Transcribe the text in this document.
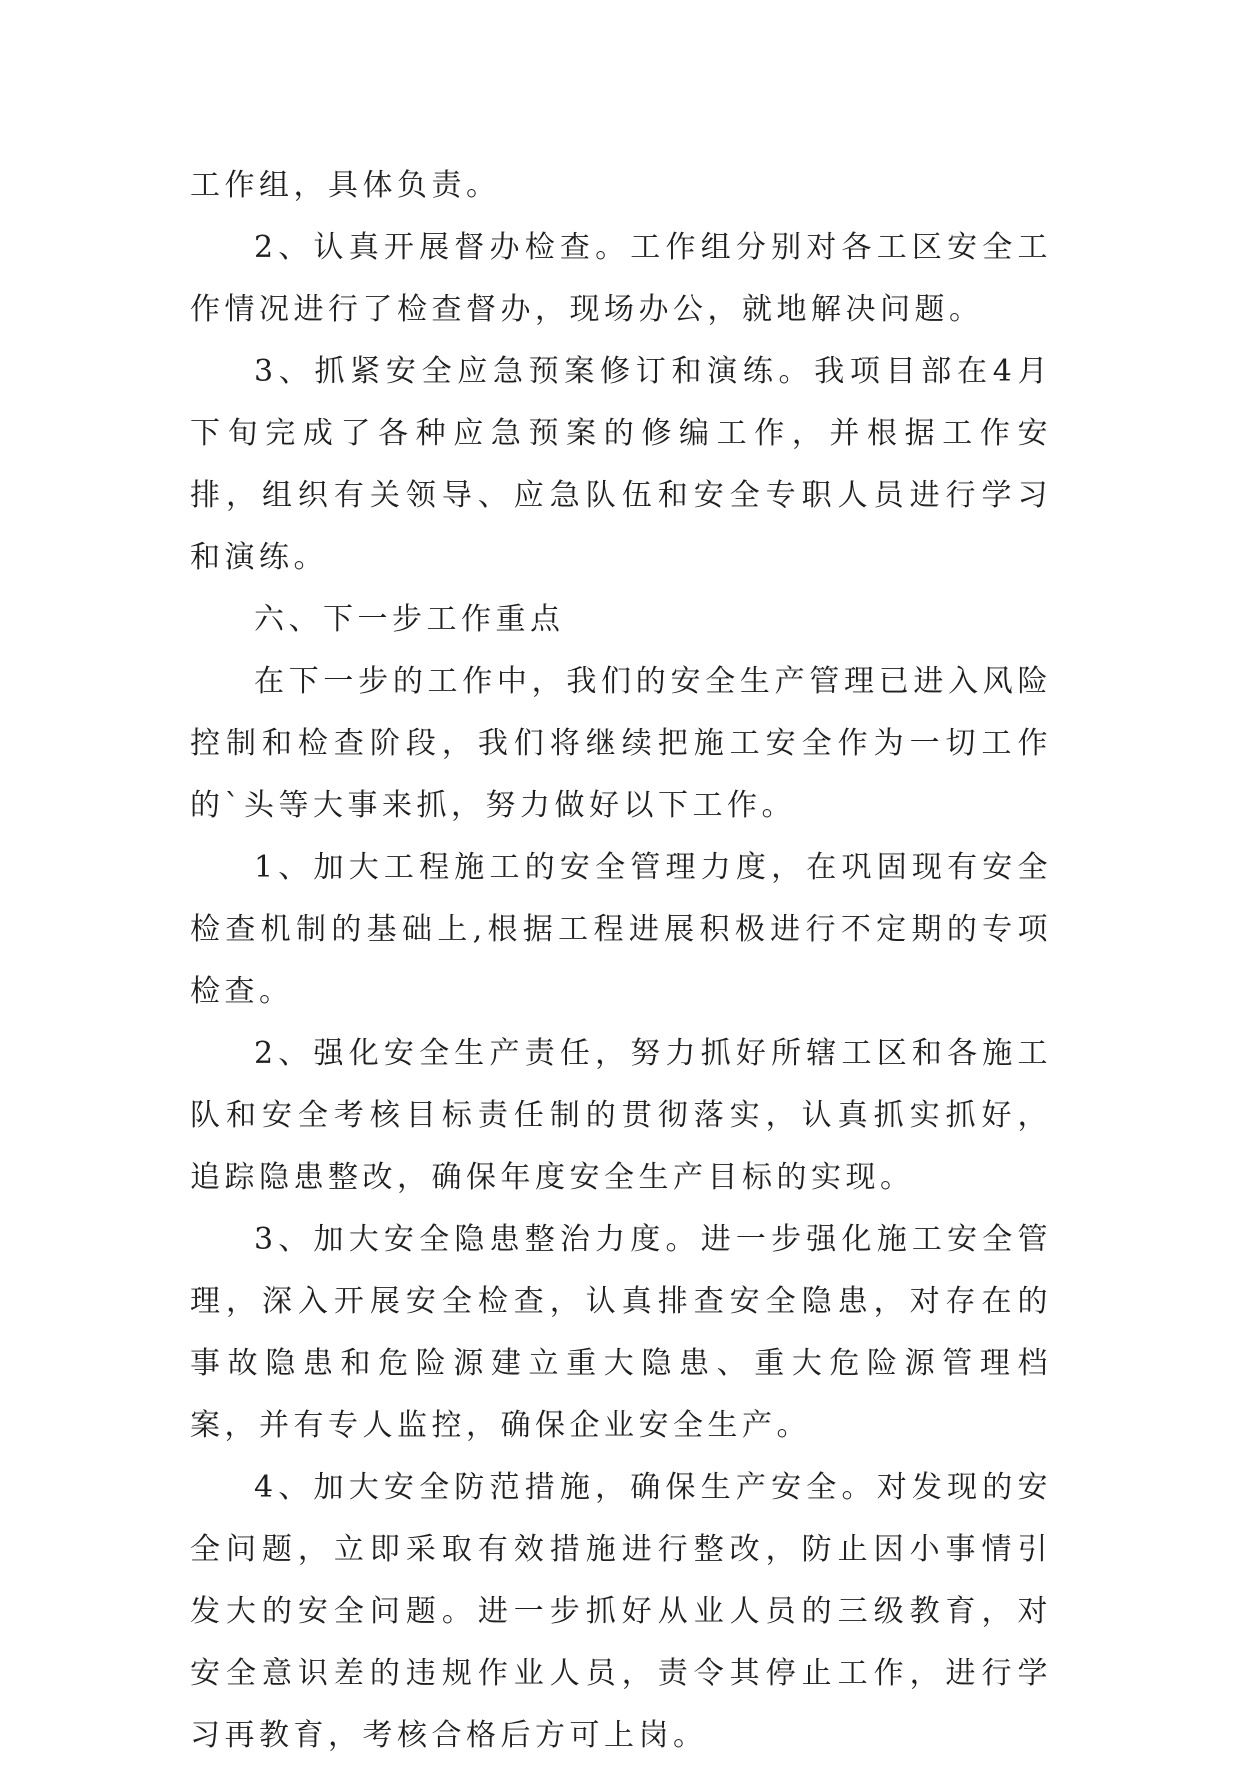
工作组，具体负责。

2、认真开展督办检查。工作组分别对各工区安全工作情况进行了检查督办，现场办公，就地解决问题。

3、抓紧安全应急预案修订和演练。我项目部在4月下旬完成了各种应急预案的修编工作，并根据工作安排，组织有关领导、应急队伍和安全专职人员进行学习和演练。

六、下一步工作重点

在下一步的工作中，我们的安全生产管理已进入风险控制和检查阶段，我们将继续把施工安全作为一切工作的`头等大事来抓，努力做好以下工作。

1、加大工程施工的安全管理力度，在巩固现有安全检查机制的基础上,根据工程进展积极进行不定期的专项检查。

2、强化安全生产责任，努力抓好所辖工区和各施工队和安全考核目标责任制的贯彻落实，认真抓实抓好，追踪隐患整改，确保年度安全生产目标的实现。

3、加大安全隐患整治力度。进一步强化施工安全管理，深入开展安全检查，认真排查安全隐患，对存在的事故隐患和危险源建立重大隐患、重大危险源管理档案，并有专人监控，确保企业安全生产。

4、加大安全防范措施，确保生产安全。对发现的安全问题，立即采取有效措施进行整改，防止因小事情引发大的安全问题。进一步抓好从业人员的三级教育，对安全意识差的违规作业人员，责令其停止工作，进行学习再教育，考核合格后方可上岗。
